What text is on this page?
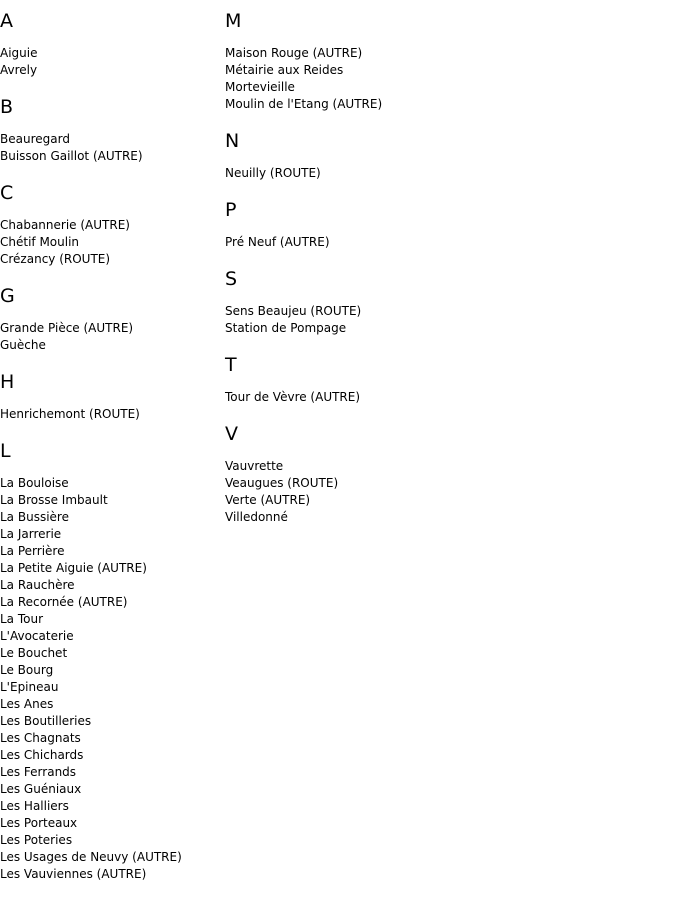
A
Aiguie
Avrely
B
Beauregard
Buisson Gaillot (AUTRE)
C
Chabannerie (AUTRE)
Chétif Moulin
Crézancy (ROUTE)
G
Grande Pièce (AUTRE)
Guèche
H
Henrichemont (ROUTE)
L
La Bouloise
La Brosse Imbault
La Bussière
La Jarrerie
La Perrière
La Petite Aiguie (AUTRE)
La Rauchère
La Recornée (AUTRE)
La Tour
L'Avocaterie
Le Bouchet
Le Bourg
L'Epineau
Les Anes
Les Boutilleries
Les Chagnats
Les Chichards
Les Ferrands
Les Guéniaux
Les Halliers
Les Porteaux
Les Poteries
Les Usages de Neuvy (AUTRE)
Les Vauviennes (AUTRE)
M
Maison Rouge (AUTRE)
Métairie aux Reides
Mortevieille
Moulin de l'Etang (AUTRE)
N
Neuilly (ROUTE)
P
Pré Neuf (AUTRE)
S
Sens Beaujeu (ROUTE)
Station de Pompage
T
Tour de Vèvre (AUTRE)
V
Vauvrette
Veaugues (ROUTE)
Verte (AUTRE)
Villedonné
